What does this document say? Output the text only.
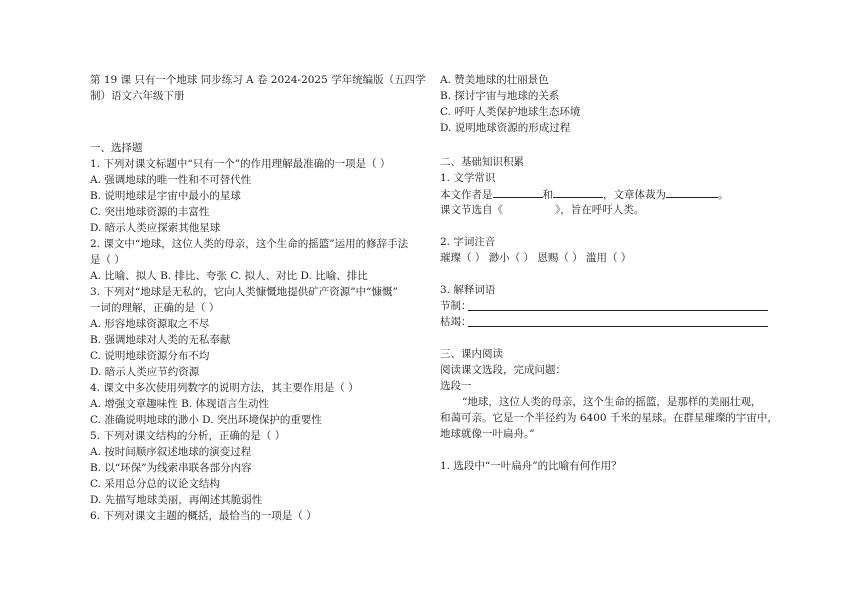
第 19 课 只有一个地球 同步练习 A 卷 2024-2025 学年统编版（五四学
制）语文六年级下册
一、选择题
1. 下列对课文标题中“只有一个”的作用理解最准确的一项是（ ）
A. 强调地球的唯一性和不可替代性
B. 说明地球是宇宙中最小的星球
C. 突出地球资源的丰富性
D. 暗示人类应探索其他星球
2. 课文中“地球，这位人类的母亲，这个生命的摇篮”运用的修辞手法
是（ ）
A. 比喻、拟人 B. 排比、夸张 C. 拟人、对比 D. 比喻、排比
3. 下列对“地球是无私的，它向人类慷慨地提供矿产资源”中“慷慨”
一词的理解，正确的是（ ）
A. 形容地球资源取之不尽
B. 强调地球对人类的无私奉献
C. 说明地球资源分布不均
D. 暗示人类应节约资源
4. 课文中多次使用列数字的说明方法，其主要作用是（ ）
A. 增强文章趣味性 B. 体现语言生动性
C. 准确说明地球的渺小 D. 突出环境保护的重要性
5. 下列对课文结构的分析，正确的是（ ）
A. 按时间顺序叙述地球的演变过程
B. 以“环保”为线索串联各部分内容
C. 采用总分总的议论文结构
D. 先描写地球美丽，再阐述其脆弱性
6. 下列对课文主题的概括，最恰当的一项是（ ）
A. 赞美地球的壮丽景色
B. 探讨宇宙与地球的关系
C. 呼吁人类保护地球生态环境
D. 说明地球资源的形成过程
二、基础知识积累
1. 文学常识
本文作者是	和	，文章体裁为	。
课文节选自《	》，旨在呼吁人类。
2. 字词注音
璀璨（ ） 渺小（ ） 恩赐（ ） 滥用（ ）
3. 解释词语
节制：
枯竭：
三、课内阅读
阅读课文选段，完成问题：
选段一
“地球，这位人类的母亲，这个生命的摇篮，是那样的美丽壮观，
和蔼可亲。它是一个半径约为 6400 千米的星球。在群星璀璨的宇宙中，
地球就像一叶扁舟。”
1. 选段中“一叶扁舟”的比喻有何作用？
